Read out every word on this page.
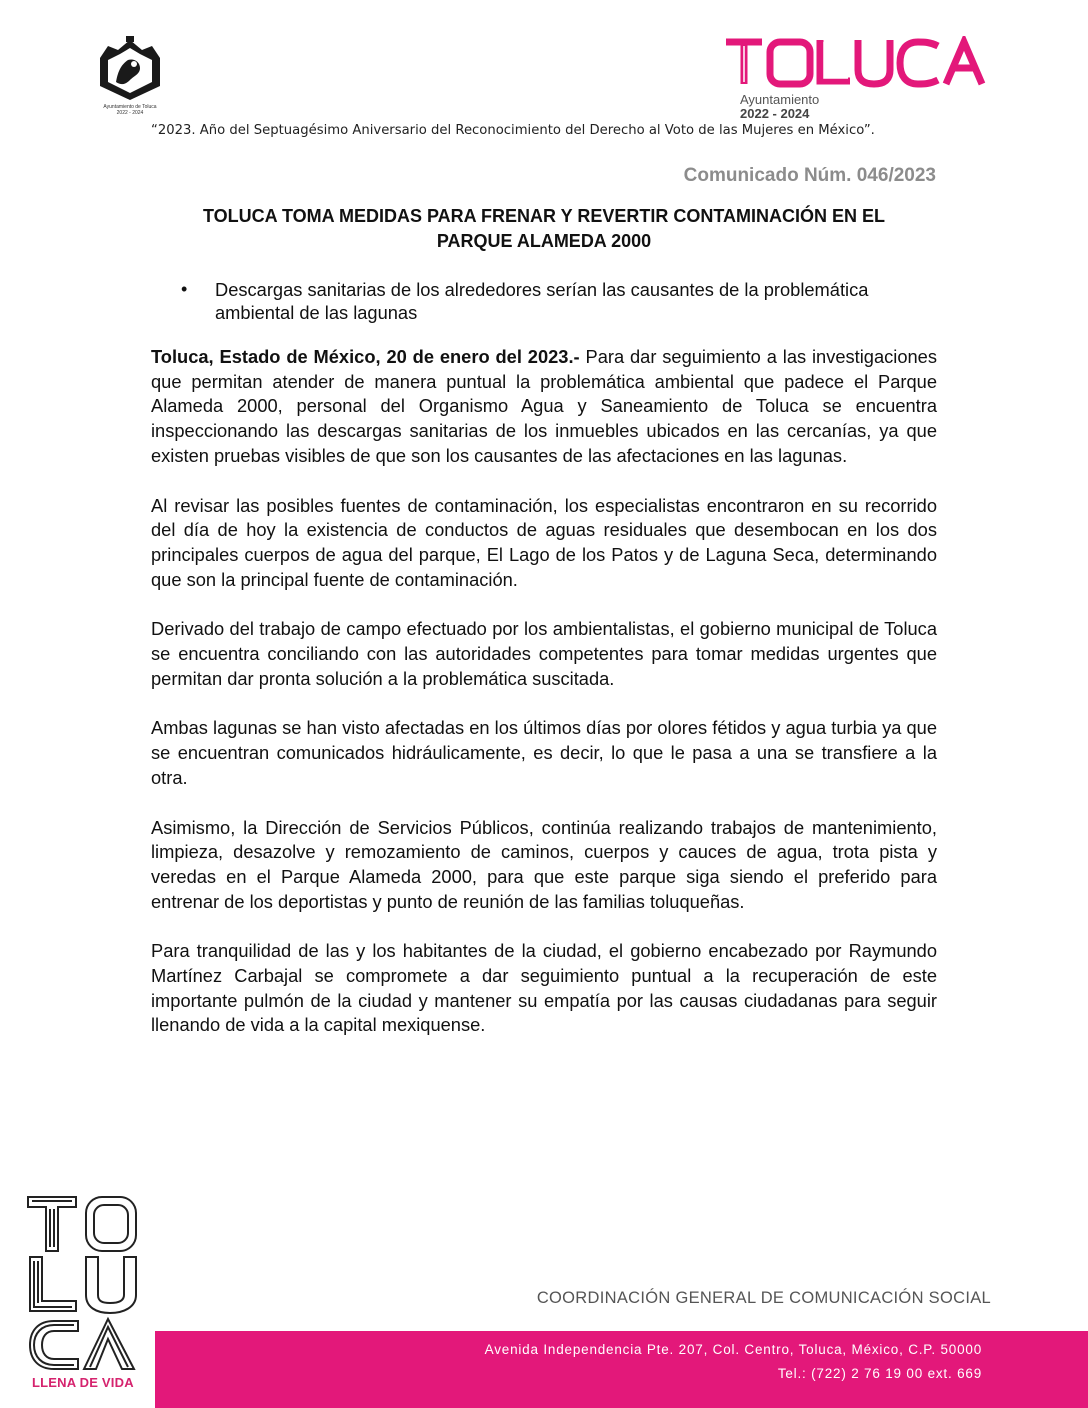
Ayuntamiento de Toluca
2022 - 2024
Ayuntamiento
2022 - 2024
“2023. Año del Septuagésimo Aniversario del Reconocimiento del Derecho al Voto de las Mujeres en México”.
Comunicado Núm. 046/2023
TOLUCA TOMA MEDIDAS PARA FRENAR Y REVERTIR CONTAMINACIÓN EN EL
PARQUE ALAMEDA 2000
• Descargas sanitarias de los alrededores serían las causantes de la problemática ambiental de las lagunas

Toluca, Estado de México, 20 de enero del 2023.- Para dar seguimiento a las investigaciones que permitan atender de manera puntual la problemática ambiental que padece el Parque Alameda 2000, personal del Organismo Agua y Saneamiento de Toluca se encuentra inspeccionando las descargas sanitarias de los inmuebles ubicados en las cercanías, ya que existen pruebas visibles de que son los causantes de las afectaciones en las lagunas.

Al revisar las posibles fuentes de contaminación, los especialistas encontraron en su recorrido del día de hoy la existencia de conductos de aguas residuales que desembocan en los dos principales cuerpos de agua del parque, El Lago de los Patos y de Laguna Seca, determinando que son la principal fuente de contaminación.

Derivado del trabajo de campo efectuado por los ambientalistas, el gobierno municipal de Toluca se encuentra conciliando con las autoridades competentes para tomar medidas urgentes que permitan dar pronta solución a la problemática suscitada.

Ambas lagunas se han visto afectadas en los últimos días por olores fétidos y agua turbia ya que se encuentran comunicados hidráulicamente, es decir, lo que le pasa a una se transfiere a la otra.

Asimismo, la Dirección de Servicios Públicos, continúa realizando trabajos de mantenimiento, limpieza, desazolve y remozamiento de caminos, cuerpos y cauces de agua, trota pista y veredas en el Parque Alameda 2000, para que este parque siga siendo el preferido para entrenar de los deportistas y punto de reunión de las familias toluqueñas.

Para tranquilidad de las y los habitantes de la ciudad, el gobierno encabezado por Raymundo Martínez Carbajal se compromete a dar seguimiento puntual a la recuperación de este importante pulmón de la ciudad y mantener su empatía por las causas ciudadanas para seguir llenando de vida a la capital mexiquense.

LLENA DE VIDA
COORDINACIÓN GENERAL DE COMUNICACIÓN SOCIAL
Avenida Independencia Pte. 207, Col. Centro, Toluca, México, C.P. 50000
Tel.: (722) 2 76 19 00 ext. 669
